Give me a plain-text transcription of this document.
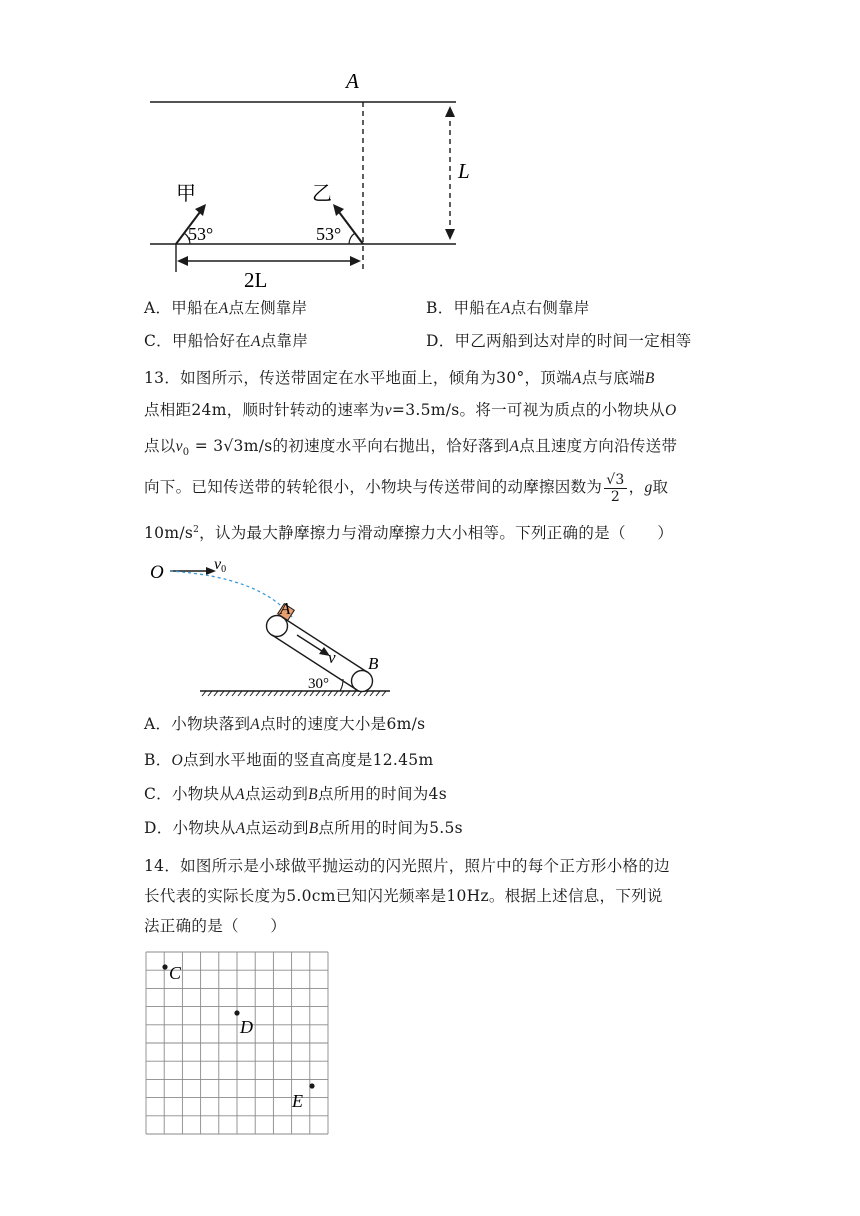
A
L
甲
53°
乙
53°
2L
A．甲船在A点左侧靠岸	B．甲船在A点右侧靠岸
C．甲船恰好在A点靠岸	D．甲乙两船到达对岸的时间一定相等
13．如图所示，传送带固定在水平地面上，倾角为30°，顶端A点与底端B
点相距24m，顺时针转动的速率为v=3.5m/s。将一可视为质点的小物块从O
点以$v_0 = 3√3m/s$的初速度水平向右抛出，恰好落到A点且速度方向沿传送带
向下。已知传送带的转轮很小，小物块与传送带间的动摩擦因数为 $\frac{√3}{2}$ ，g取
$10m/s^2$，认为最大静摩擦力与滑动摩擦力大小相等。下列正确的是（　　）
O	v0
A
B
v
30°
A．小物块落到A点时的速度大小是6m/s
B．O点到水平地面的竖直高度是12.45m
C．小物块从A点运动到B点所用的时间为4s
D．小物块从A点运动到B点所用的时间为5.5s
14．如图所示是小球做平抛运动的闪光照片，照片中的每个正方形小格的边
长代表的实际长度为5.0cm已知闪光频率是10Hz。根据上述信息，下列说
法正确的是（　　）
C
D
E
